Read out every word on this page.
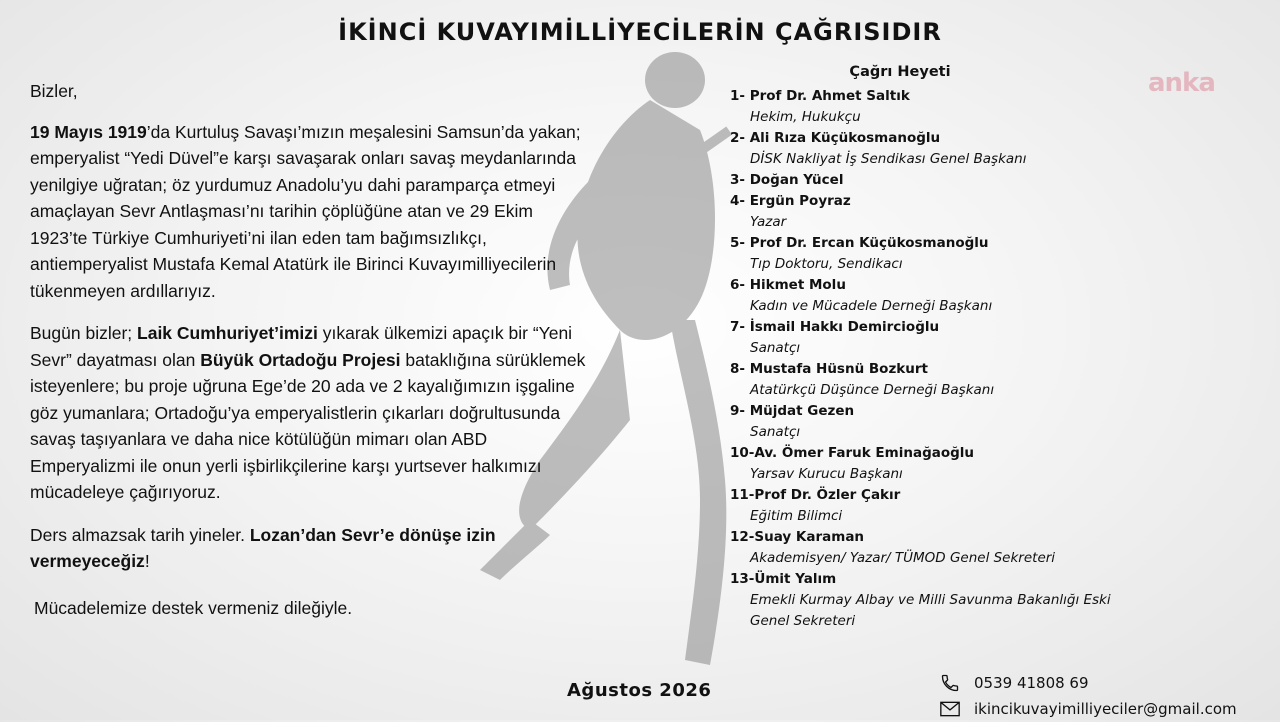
İKİNCİ KUVAYIMİLLİYECİLERİN ÇAĞRISIDIR
anka

Bizler,

19 Mayıs 1919’da Kurtuluş Savaşı’mızın meşalesini Samsun’da yakan; emperyalist “Yedi Düvel”e karşı savaşarak onları savaş meydanlarında yenilgiye uğratan; öz yurdumuz Anadolu’yu dahi paramparça etmeyi amaçlayan Sevr Antlaşması’nı tarihin çöplüğüne atan ve 29 Ekim 1923’te Türkiye Cumhuriyeti’ni ilan eden tam bağımsızlıkçı, antiemperyalist Mustafa Kemal Atatürk ile Birinci Kuvayımilliyecilerin tükenmeyen ardıllarıyız.

Bugün bizler; Laik Cumhuriyet’imizi yıkarak ülkemizi apaçık bir “Yeni Sevr” dayatması olan Büyük Ortadoğu Projesi bataklığına sürüklemek isteyenlere; bu proje uğruna Ege’de 20 ada ve 2 kayalığımızın işgaline göz yumanlara; Ortadoğu’ya emperyalistlerin çıkarları doğrultusunda savaş taşıyanlara ve daha nice kötülüğün mimarı olan ABD Emperyalizmi ile onun yerli işbirlikçilerine karşı yurtsever halkımızı mücadeleye çağırıyoruz.

Ders almazsak tarih yineler. Lozan’dan Sevr’e dönüşe izin vermeyeceğiz!

Mücadelemize destek vermeniz dileğiyle.

Çağrı Heyeti
1- Prof Dr. Ahmet Saltık
Hekim, Hukukçu
2- Ali Rıza Küçükosmanoğlu
DİSK Nakliyat İş Sendikası Genel Başkanı
3- Doğan Yücel
4- Ergün Poyraz
Yazar
5- Prof Dr. Ercan Küçükosmanoğlu
Tıp Doktoru, Sendikacı
6- Hikmet Molu
Kadın ve Mücadele Derneği Başkanı
7- İsmail Hakkı Demircioğlu
Sanatçı
8- Mustafa Hüsnü Bozkurt
Atatürkçü Düşünce Derneği Başkanı
9- Müjdat Gezen
Sanatçı
10-Av. Ömer Faruk Eminağaoğlu
Yarsav Kurucu Başkanı
11-Prof Dr. Özler Çakır
Eğitim Bilimci
12-Suay Karaman
Akademisyen/ Yazar/ TÜMOD Genel Sekreteri
13-Ümit Yalım
Emekli Kurmay Albay ve Milli Savunma Bakanlığı Eski Genel Sekreteri
Ağustos 2026	0539 41808 69
ikincikuvayimilliyeciler@gmail.com
